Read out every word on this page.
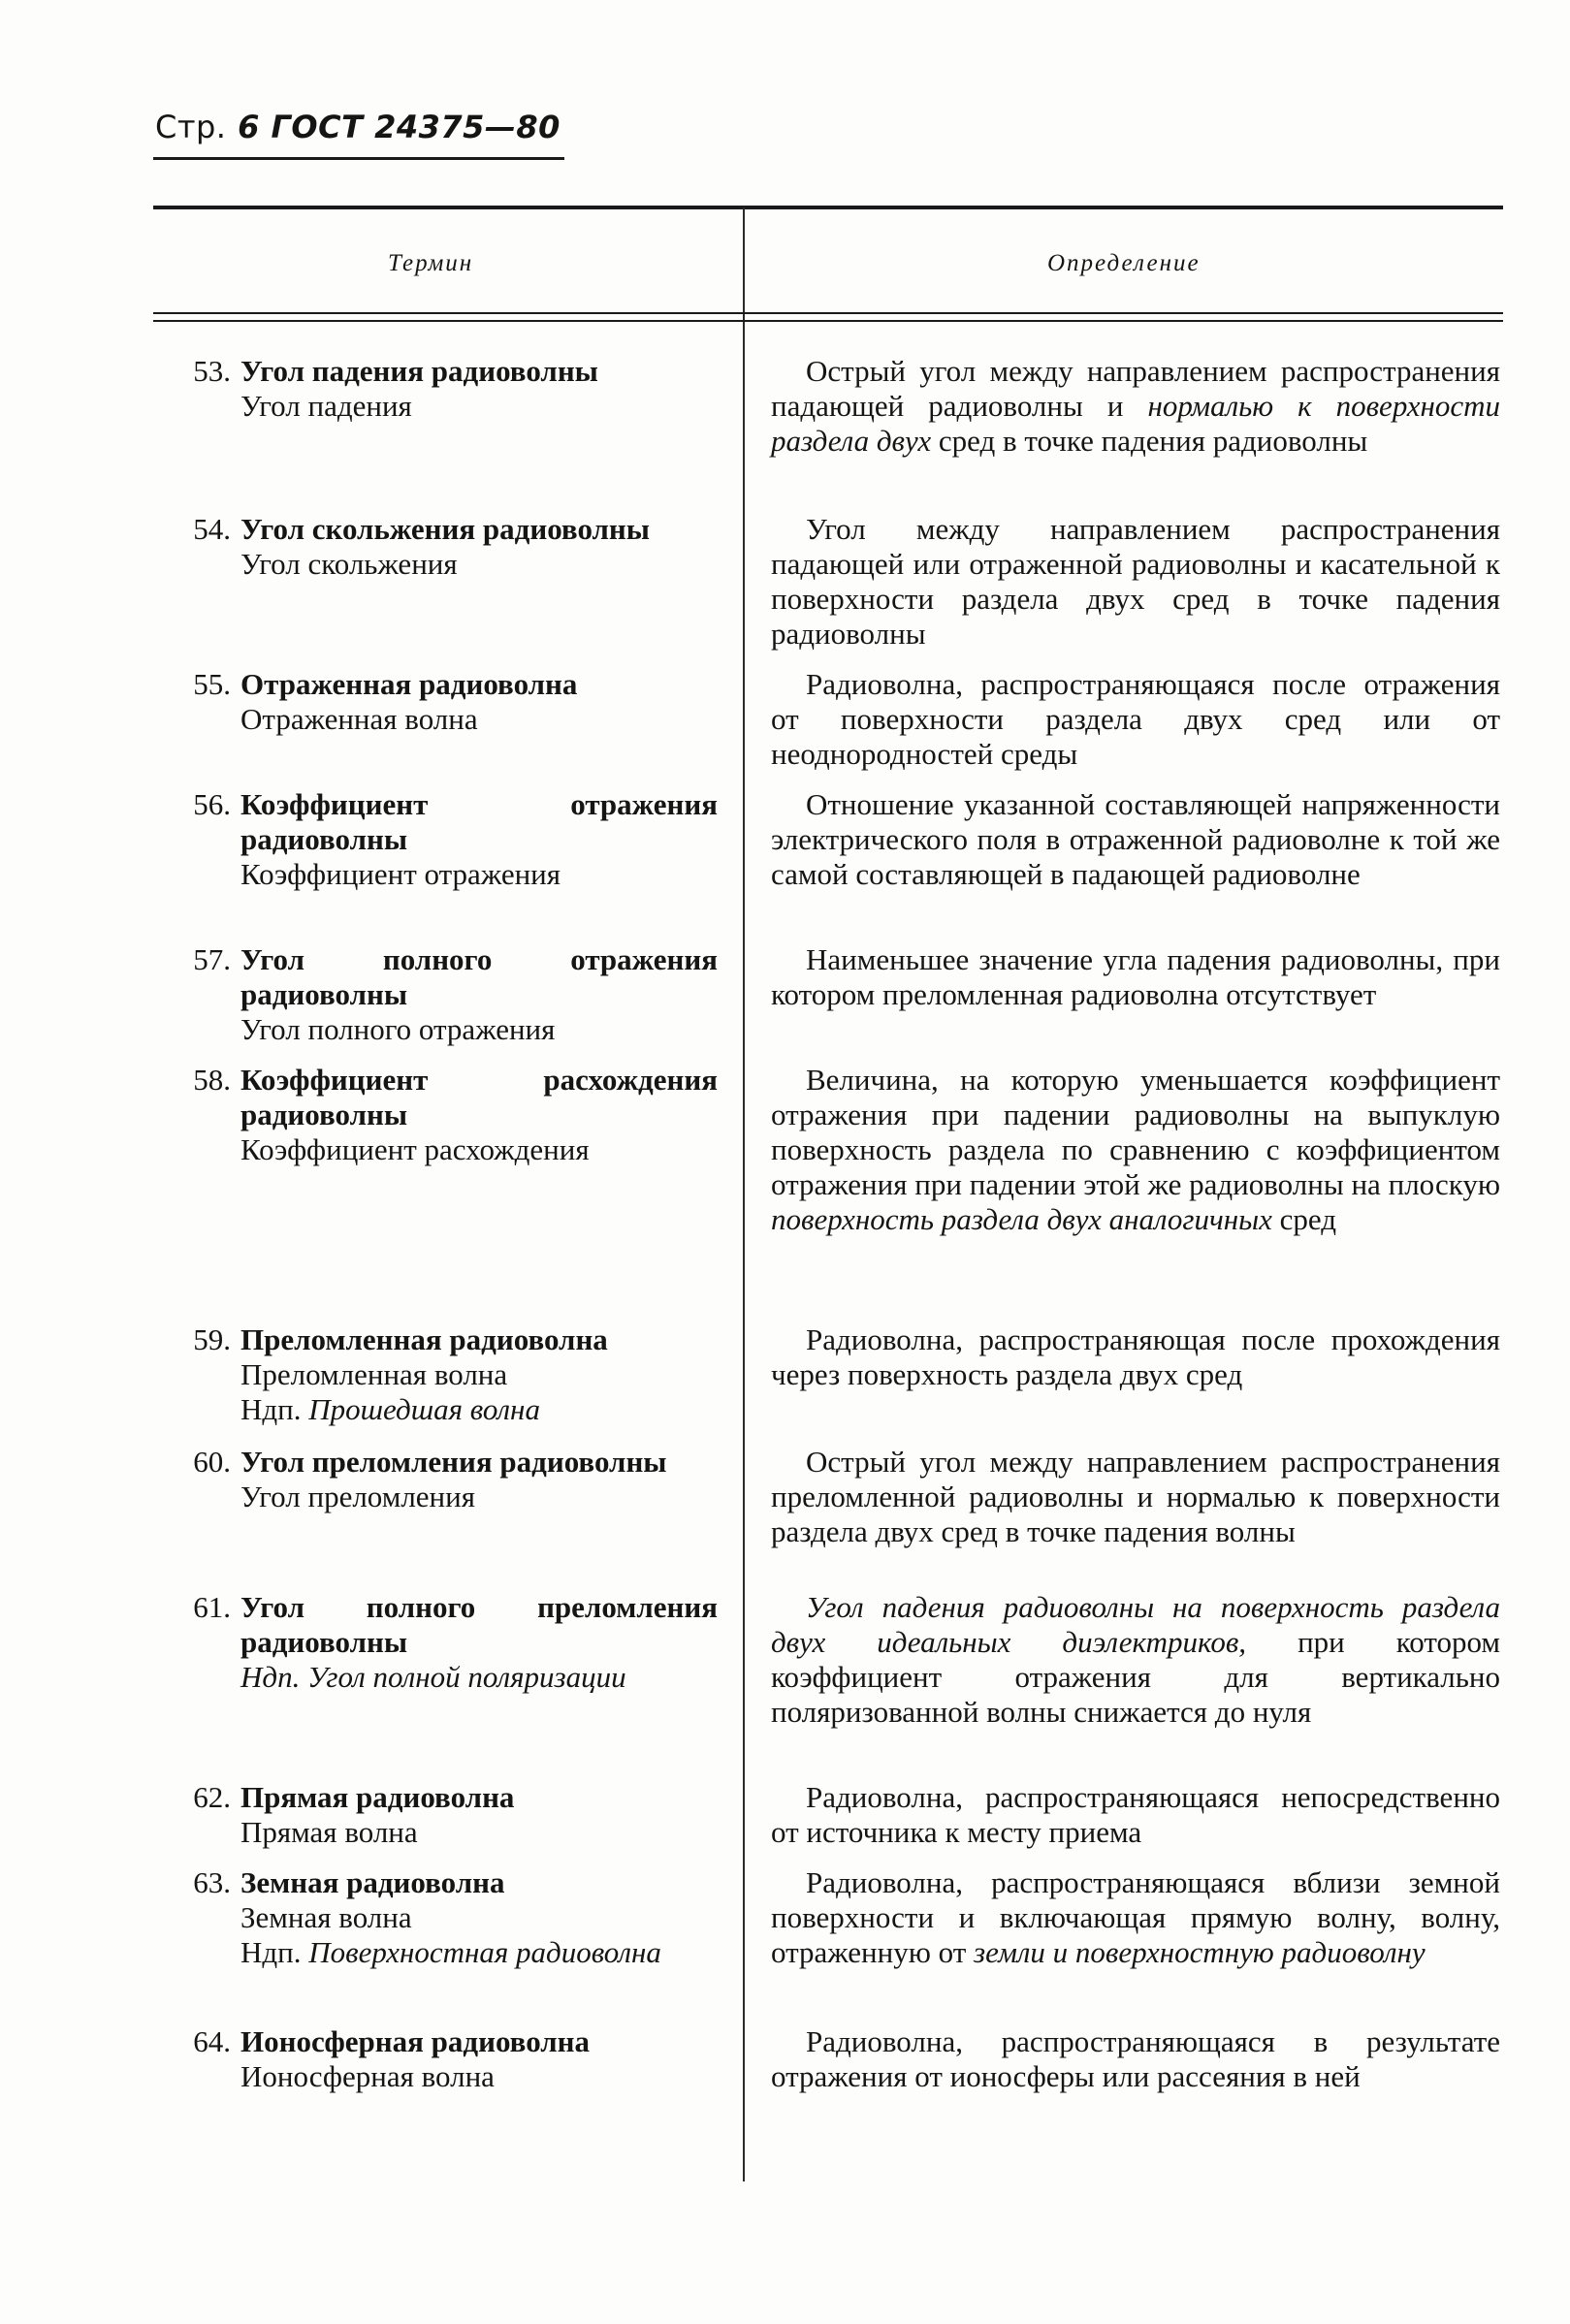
Стр. 6 ГОСТ 24375—80
Термин	Определение
53. Угол падения радиоволны
Угол падения
Острый угол между направлением распространения падающей радиоволны и нормалью к поверхности раздела двух сред в точке падения радиоволны
54. Угол скольжения радиоволны
Угол скольжения
Угол между направлением распространения падающей или отраженной радиоволны и касательной к поверхности раздела двух сред в точке падения радиоволны
55. Отраженная радиоволна
Отраженная волна
Радиоволна, распространяющаяся после отражения от поверхности раздела двух сред или от неоднородностей среды
56. Коэффициент отражения радиоволны
Коэффициент отражения
Отношение указанной составляющей напряженности электрического поля в отраженной радиоволне к той же самой составляющей в падающей радиоволне
57. Угол полного отражения радиоволны
Угол полного отражения
Наименьшее значение угла падения радиоволны, при котором преломленная радиоволна отсутствует
58. Коэффициент расхождения радиоволны
Коэффициент расхождения
Величина, на которую уменьшается коэффициент отражения при падении радиоволны на выпуклую поверхность раздела по сравнению с коэффициентом отражения при падении этой же радиоволны на плоскую поверхность раздела двух аналогичных сред
59. Преломленная радиоволна
Преломленная волна
Ндп. Прошедшая волна
Радиоволна, распространяющая после прохождения через поверхность раздела двух сред
60. Угол преломления радиоволны
Угол преломления
Острый угол между направлением распространения преломленной радиоволны и нормалью к поверхности раздела двух сред в точке падения волны
61. Угол полного преломления радиоволны
Ндп. Угол полной поляризации
Угол падения радиоволны на поверхность раздела двух идеальных диэлектриков, при котором коэффициент отражения для вертикально поляризованной волны снижается до нуля
62. Прямая радиоволна
Прямая волна
Радиоволна, распространяющаяся непосредственно от источника к месту приема
63. Земная радиоволна
Земная волна
Ндп. Поверхностная радиоволна
Радиоволна, распространяющаяся вблизи земной поверхности и включающая прямую волну, волну, отраженную от земли и поверхностную радиоволну
64. Ионосферная радиоволна
Ионосферная волна
Радиоволна, распространяющаяся в результате отражения от ионосферы или рассеяния в ней
